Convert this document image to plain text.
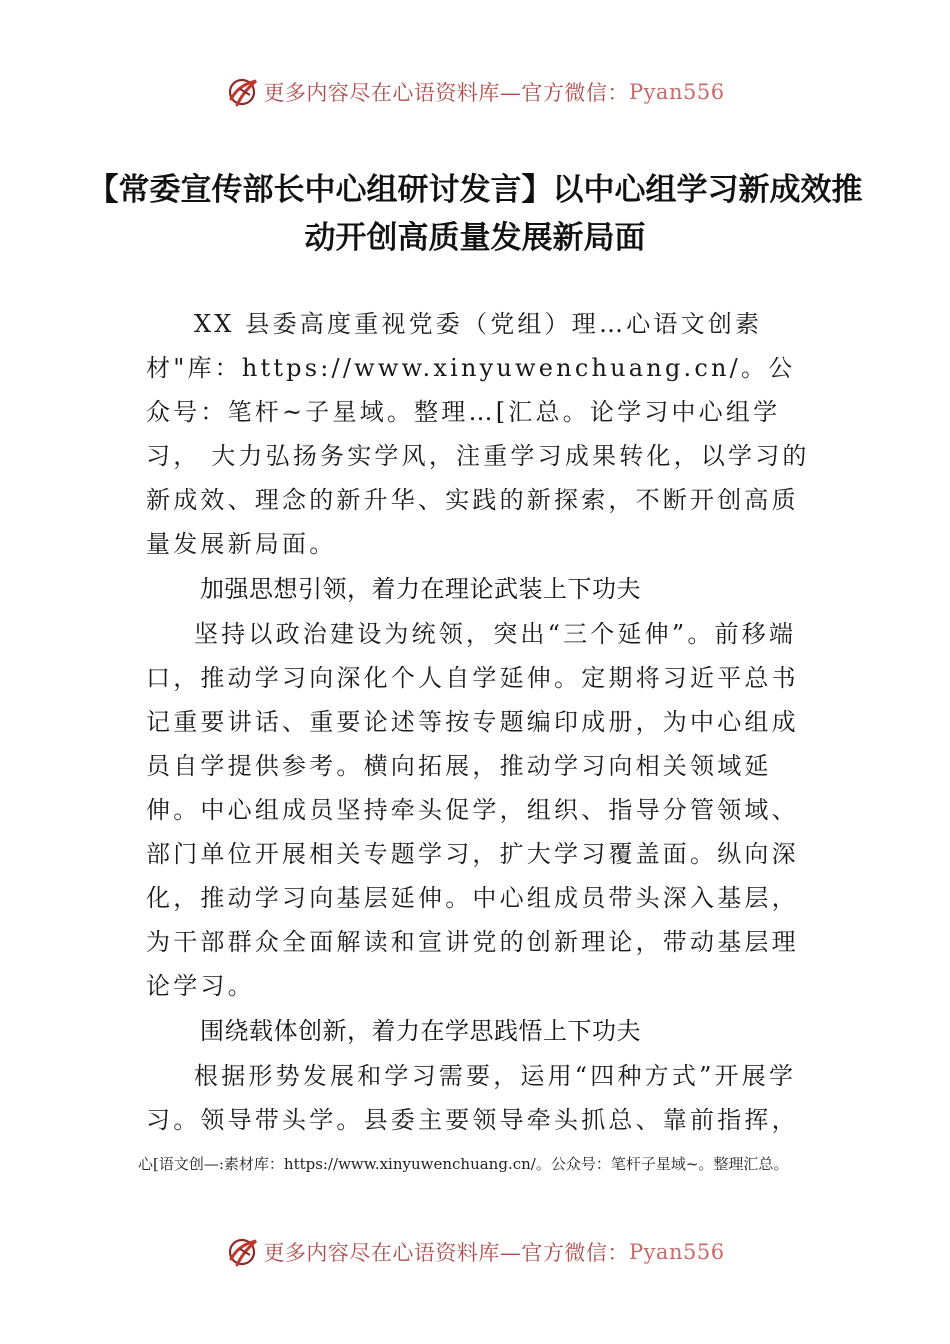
更多内容尽在心语资料库—官方微信： Pyan556
【常委宣传部长中心组研讨发言】以中心组学习新成效推动开创高质量发展新局面

XX 县委高度重视党委（党组）理…心语文创素材"库：https://www.xinyuwenchuang.cn/。公众号：笔杆~子星域。整理…[汇总。论学习中心组学习， 大力弘扬务实学风，注重学习成果转化，以学习的新成效、理念的新升华、实践的新探索，不断开创高质量发展新局面。

加强思想引领，着力在理论武装上下功夫

坚持以政治建设为统领，突出“三个延伸”。前移端口，推动学习向深化个人自学延伸。定期将习近平总书记重要讲话、重要论述等按专题编印成册，为中心组成员自学提供参考。横向拓展，推动学习向相关领域延伸。中心组成员坚持牵头促学，组织、指导分管领域、部门单位开展相关专题学习，扩大学习覆盖面。纵向深化，推动学习向基层延伸。中心组成员带头深入基层，为干部群众全面解读和宣讲党的创新理论，带动基层理论学习。

围绕载体创新，着力在学思践悟上下功夫

根据形势发展和学习需要，运用“四种方式”开展学习。领导带头学。县委主要领导牵头抓总、靠前指挥，

心[语文创—:素材库：https://www.xinyuwenchuang.cn/。公众号：笔杆子星域~。整理汇总。
更多内容尽在心语资料库—官方微信： Pyan556
